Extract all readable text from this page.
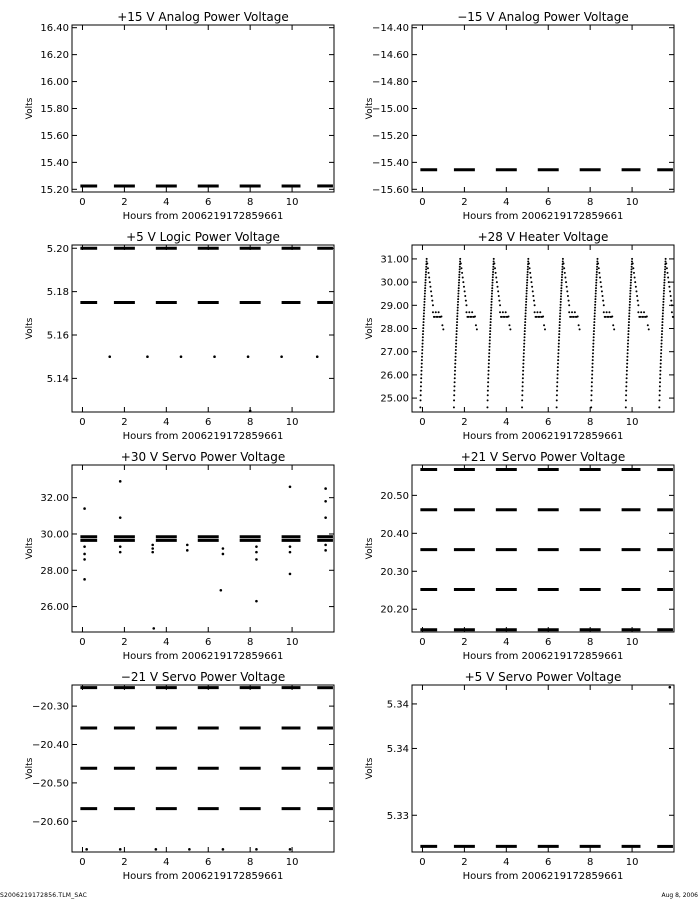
+15 V Analog Power Voltage
0	2	4	6	8	10
15.20
15.40
15.60
15.80
16.00
16.20
16.40
Hours from 2006219172859661
Volts
−15 V Analog Power Voltage
0	2	4	6	8	10
−15.60
−15.40
−15.20
−15.00
−14.80
−14.60
−14.40
Hours from 2006219172859661
Volts
+5 V Logic Power Voltage
0	2	4	6	8	10
5.14
5.16
5.18
5.20
Hours from 2006219172859661
Volts
+28 V Heater Voltage
0	2	4	6	8	10
25.00
26.00
27.00
28.00
29.00
30.00
31.00
Hours from 2006219172859661
Volts
+30 V Servo Power Voltage
0	2	4	6	8	10
26.00
28.00
30.00
32.00
Hours from 2006219172859661
Volts
+21 V Servo Power Voltage
0	2	4	6	8	10
20.20
20.30
20.40
20.50
Hours from 2006219172859661
Volts
−21 V Servo Power Voltage
0	2	4	6	8	10
−20.60
−20.50
−20.40
−20.30
Hours from 2006219172859661
Volts
+5 V Servo Power Voltage
0	2	4	6	8	10
5.33
5.34
5.34
Hours from 2006219172859661
Volts
S2006219172856.TLM_SAC	Aug 8, 2006
